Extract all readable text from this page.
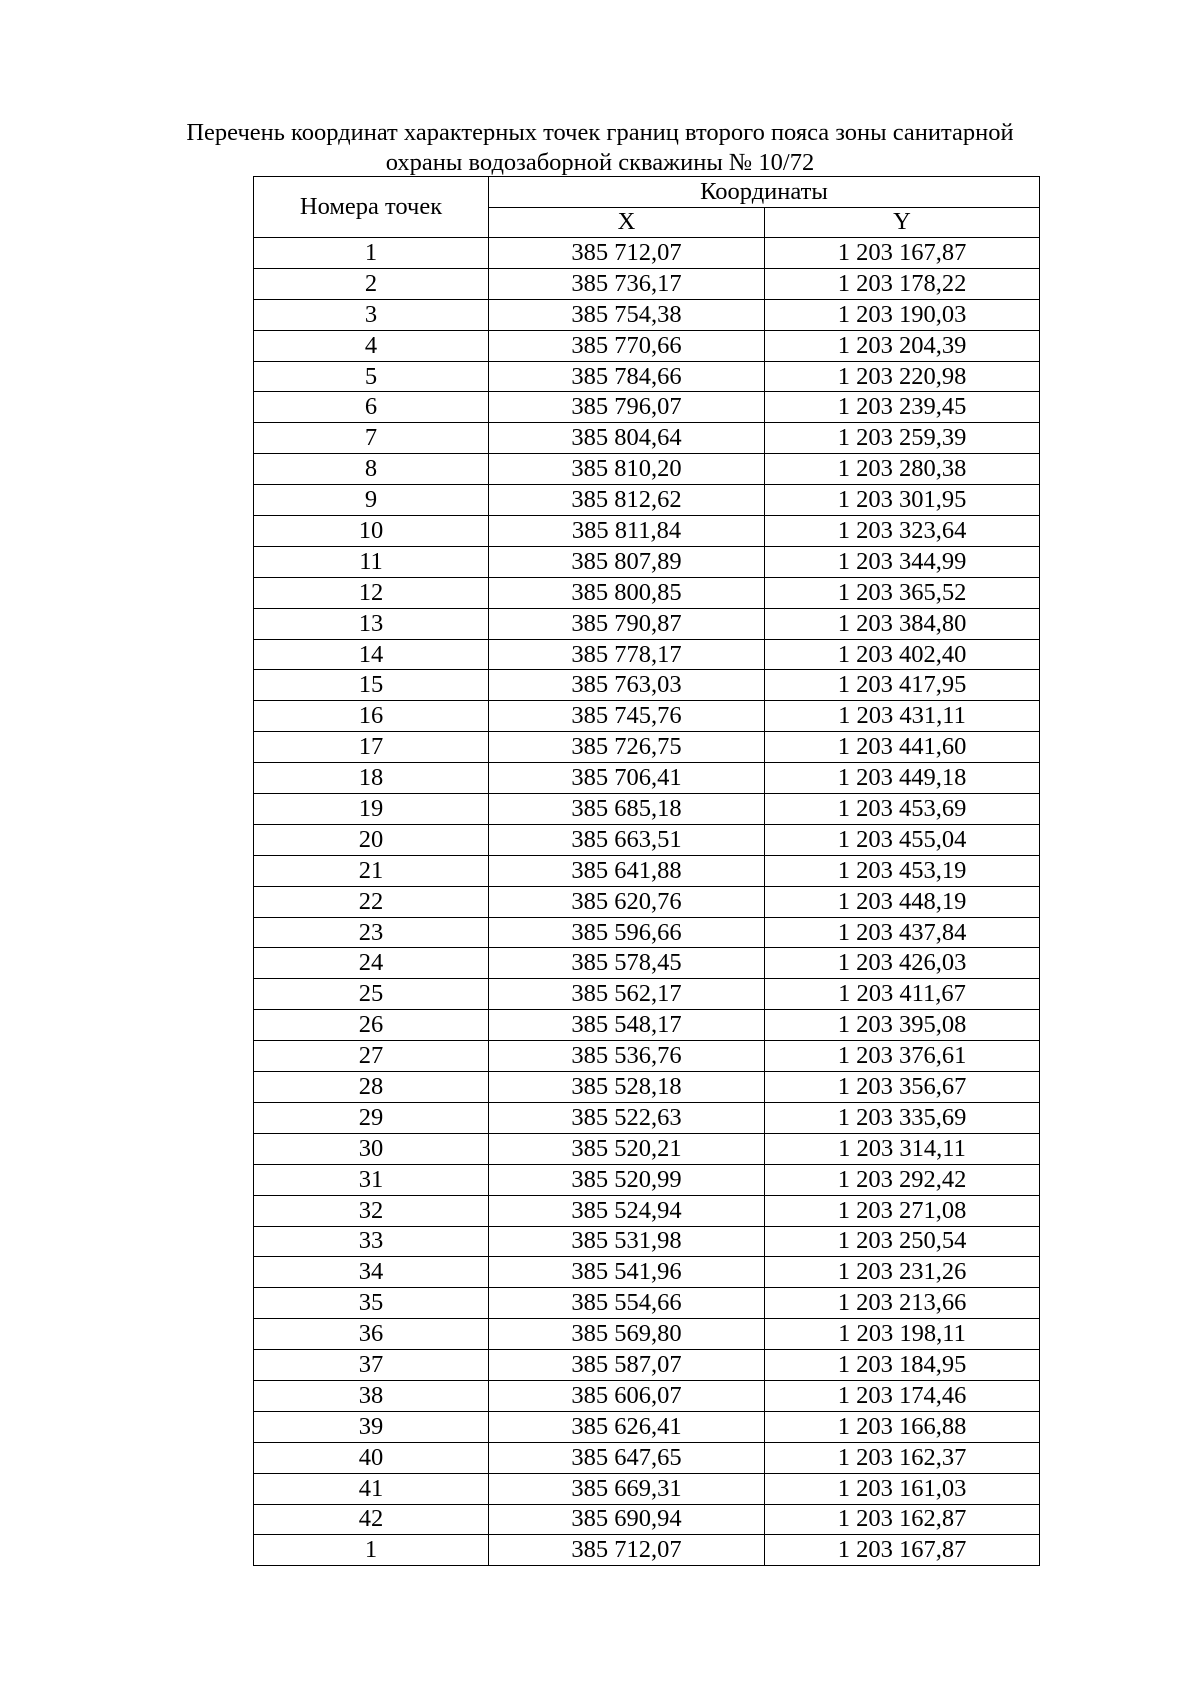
Перечень координат характерных точек границ второго пояса зоны санитарной
охраны водозаборной скважины № 10/72
Номера точек	Координаты	
	X	Y
1	385 712,07	1 203 167,87
2	385 736,17	1 203 178,22
3	385 754,38	1 203 190,03
4	385 770,66	1 203 204,39
5	385 784,66	1 203 220,98
6	385 796,07	1 203 239,45
7	385 804,64	1 203 259,39
8	385 810,20	1 203 280,38
9	385 812,62	1 203 301,95
10	385 811,84	1 203 323,64
11	385 807,89	1 203 344,99
12	385 800,85	1 203 365,52
13	385 790,87	1 203 384,80
14	385 778,17	1 203 402,40
15	385 763,03	1 203 417,95
16	385 745,76	1 203 431,11
17	385 726,75	1 203 441,60
18	385 706,41	1 203 449,18
19	385 685,18	1 203 453,69
20	385 663,51	1 203 455,04
21	385 641,88	1 203 453,19
22	385 620,76	1 203 448,19
23	385 596,66	1 203 437,84
24	385 578,45	1 203 426,03
25	385 562,17	1 203 411,67
26	385 548,17	1 203 395,08
27	385 536,76	1 203 376,61
28	385 528,18	1 203 356,67
29	385 522,63	1 203 335,69
30	385 520,21	1 203 314,11
31	385 520,99	1 203 292,42
32	385 524,94	1 203 271,08
33	385 531,98	1 203 250,54
34	385 541,96	1 203 231,26
35	385 554,66	1 203 213,66
36	385 569,80	1 203 198,11
37	385 587,07	1 203 184,95
38	385 606,07	1 203 174,46
39	385 626,41	1 203 166,88
40	385 647,65	1 203 162,37
41	385 669,31	1 203 161,03
42	385 690,94	1 203 162,87
1	385 712,07	1 203 167,87
